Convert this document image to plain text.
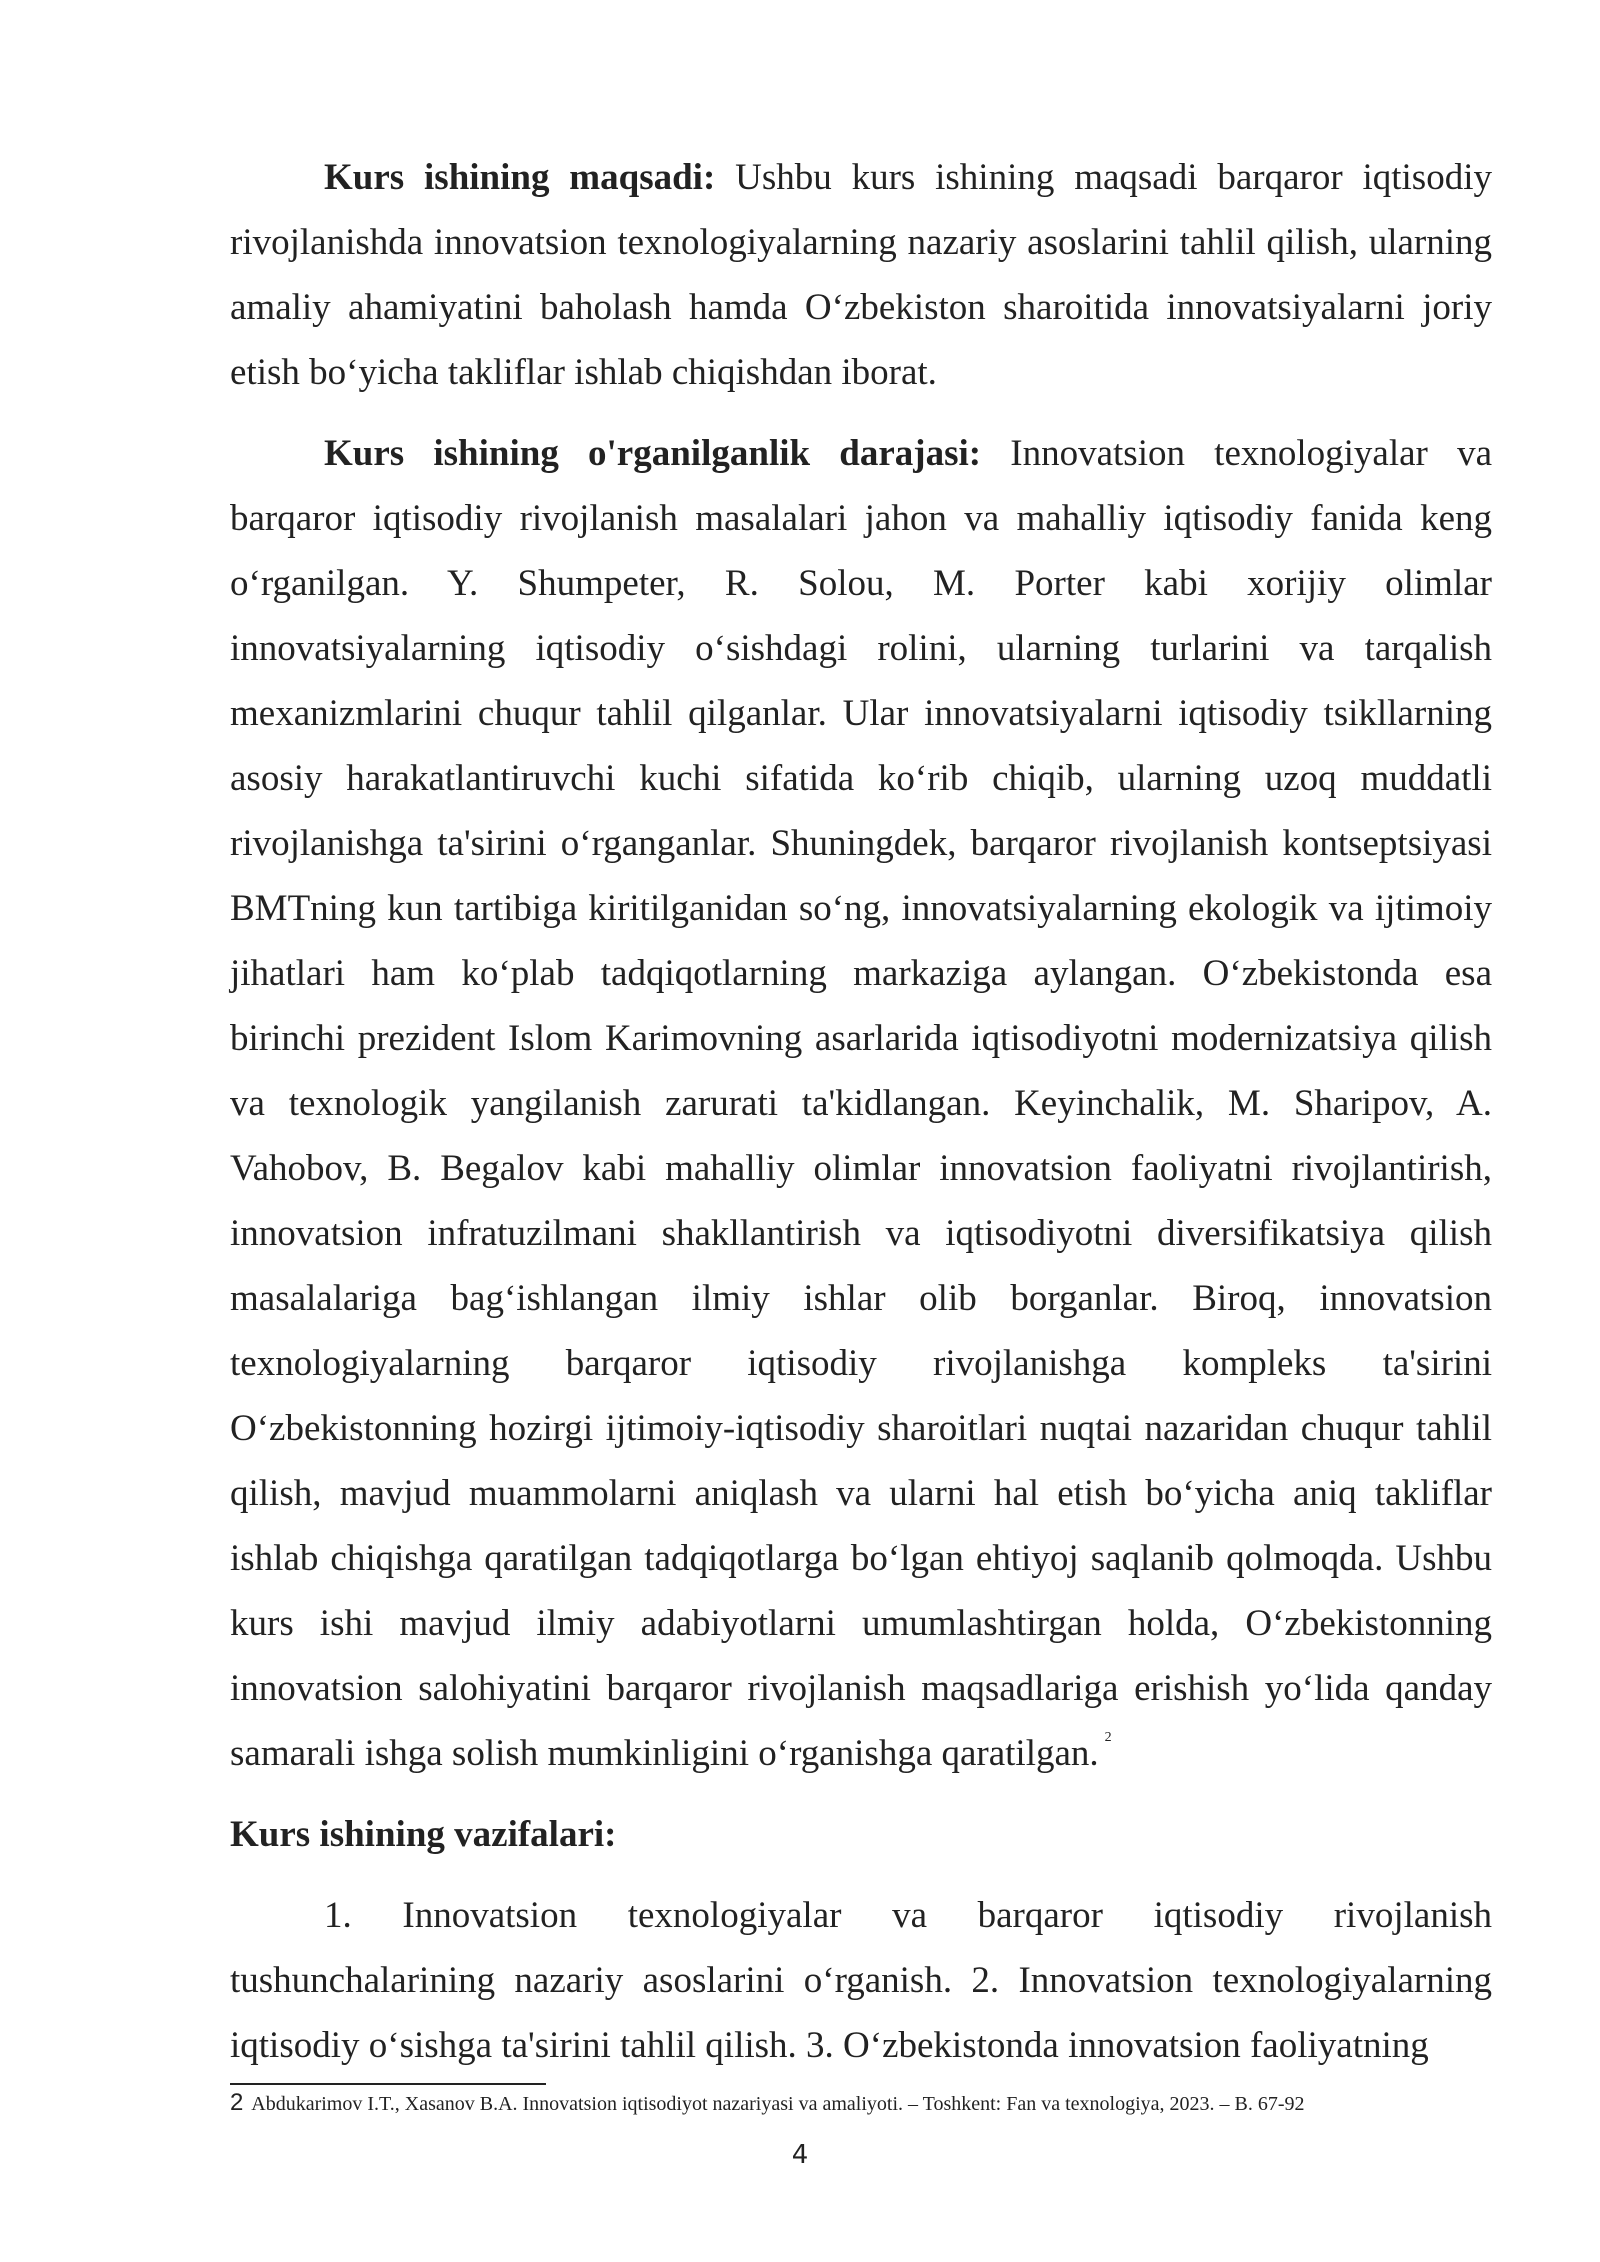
Kurs ishining maqsadi: Ushbu kurs ishining maqsadi barqaror iqtisodiy rivojlanishda innovatsion texnologiyalarning nazariy asoslarini tahlil qilish, ularning amaliy ahamiyatini baholash hamda O‘zbekiston sharoitida innovatsiyalarni joriy etish bo‘yicha takliflar ishlab chiqishdan iborat.

Kurs ishining o'rganilganlik darajasi: Innovatsion texnologiyalar va barqaror iqtisodiy rivojlanish masalalari jahon va mahalliy iqtisodiy fanida keng o‘rganilgan. Y. Shumpeter, R. Solou, M. Porter kabi xorijiy olimlar innovatsiyalarning iqtisodiy o‘sishdagi rolini, ularning turlarini va tarqalish mexanizmlarini chuqur tahlil qilganlar. Ular innovatsiyalarni iqtisodiy tsikllarning asosiy harakatlantiruvchi kuchi sifatida ko‘rib chiqib, ularning uzoq muddatli rivojlanishga ta'sirini o‘rganganlar. Shuningdek, barqaror rivojlanish kontseptsiyasi BMTning kun tartibiga kiritilganidan so‘ng, innovatsiyalarning ekologik va ijtimoiy jihatlari ham ko‘plab tadqiqotlarning markaziga aylangan. O‘zbekistonda esa birinchi prezident Islom Karimovning asarlarida iqtisodiyotni modernizatsiya qilish va texnologik yangilanish zarurati ta'kidlangan. Keyinchalik, M. Sharipov, A. Vahobov, B. Begalov kabi mahalliy olimlar innovatsion faoliyatni rivojlantirish, innovatsion infratuzilmani shakllantirish va iqtisodiyotni diversifikatsiya qilish masalalariga bag‘ishlangan ilmiy ishlar olib borganlar. Biroq, innovatsion texnologiyalarning barqaror iqtisodiy rivojlanishga kompleks ta'sirini O‘zbekistonning hozirgi ijtimoiy-iqtisodiy sharoitlari nuqtai nazaridan chuqur tahlil qilish, mavjud muammolarni aniqlash va ularni hal etish bo‘yicha aniq takliflar ishlab chiqishga qaratilgan tadqiqotlarga bo‘lgan ehtiyoj saqlanib qolmoqda. Ushbu kurs ishi mavjud ilmiy adabiyotlarni umumlashtirgan holda, O‘zbekistonning innovatsion salohiyatini barqaror rivojlanish maqsadlariga erishish yo‘lida qanday samarali ishga solish mumkinligini o‘rganishga qaratilgan. $^2$

Kurs ishining vazifalari:

1. Innovatsion texnologiyalar va barqaror iqtisodiy rivojlanish tushunchalarining nazariy asoslarini o‘rganish. 2. Innovatsion texnologiyalarning iqtisodiy o‘sishga ta'sirini tahlil qilish. 3. O‘zbekistonda innovatsion faoliyatning

2 Abdukarimov I.T., Xasanov B.A. Innovatsion iqtisodiyot nazariyasi va amaliyoti. – Toshkent: Fan va texnologiya, 2023. – B. 67-92
4
